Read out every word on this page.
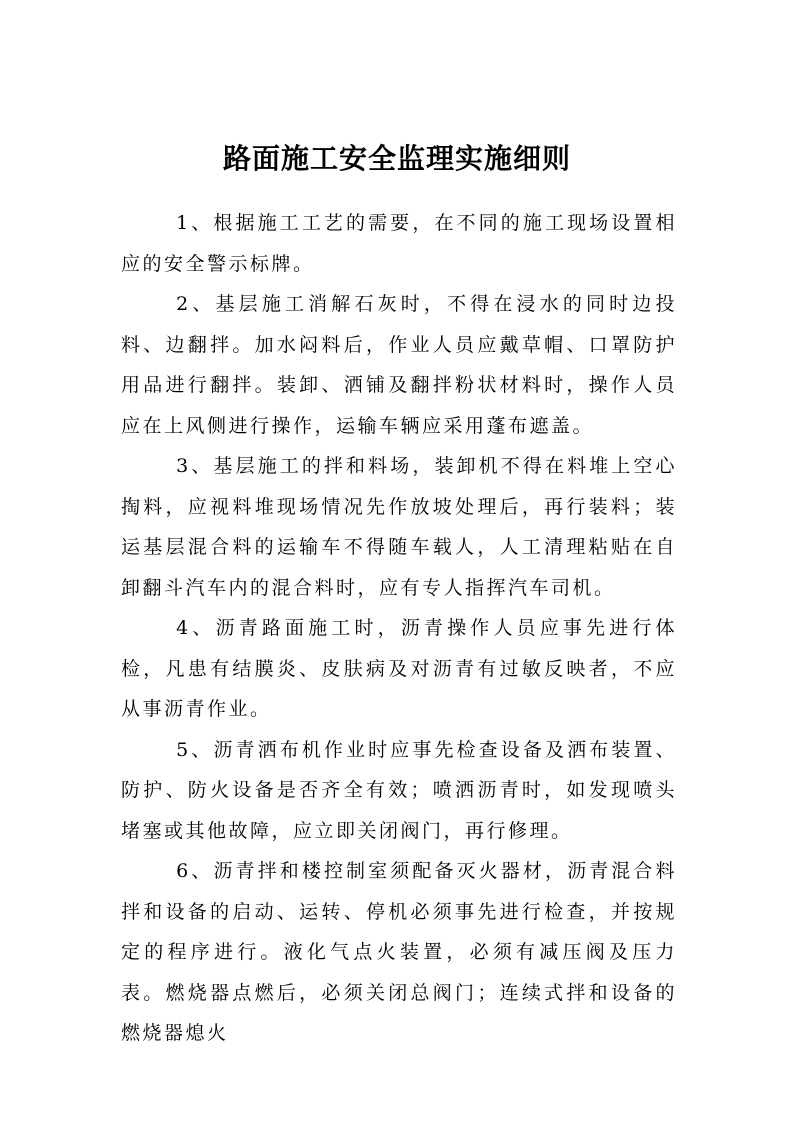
路面施工安全监理实施细则

1、根据施工工艺的需要，在不同的施工现场设置相应的安全警示标牌。

2、基层施工消解石灰时，不得在浸水的同时边投料、边翻拌。加水闷料后，作业人员应戴草帽、口罩防护用品进行翻拌。装卸、洒铺及翻拌粉状材料时，操作人员应在上风侧进行操作，运输车辆应采用蓬布遮盖。

3、基层施工的拌和料场，装卸机不得在料堆上空心掏料，应视料堆现场情况先作放坡处理后，再行装料；装运基层混合料的运输车不得随车载人，人工清理粘贴在自卸翻斗汽车内的混合料时，应有专人指挥汽车司机。

4、沥青路面施工时，沥青操作人员应事先进行体检，凡患有结膜炎、皮肤病及对沥青有过敏反映者，不应从事沥青作业。

5、沥青洒布机作业时应事先检查设备及洒布装置、防护、防火设备是否齐全有效；喷洒沥青时，如发现喷头堵塞或其他故障，应立即关闭阀门，再行修理。

6、沥青拌和楼控制室须配备灭火器材，沥青混合料拌和设备的启动、运转、停机必须事先进行检查，并按规定的程序进行。液化气点火装置，必须有减压阀及压力表。燃烧器点燃后，必须关闭总阀门；连续式拌和设备的燃烧器熄火
